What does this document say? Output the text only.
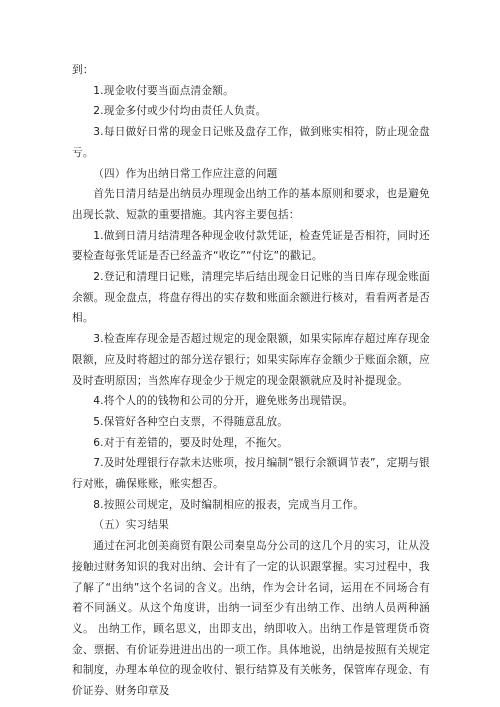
到：

1.现金收付要当面点清金额。

2.现金多付或少付均由责任人负责。

3.每日做好日常的现金日记账及盘存工作，做到账实相符，防止现金盘亏。

（四）作为出纳日常工作应注意的问题

首先日清月结是出纳员办理现金出纳工作的基本原则和要求，也是避免出现长款、短款的重要措施。其内容主要包括：

1.做到日清月结清理各种现金收付款凭证，检查凭证是否相符，同时还要检查每张凭证是否已经盖齐“收讫”“付讫”的戳记。

2.登记和清理日记账，清理完毕后结出现金日记账的当日库存现金账面余额。现金盘点，将盘存得出的实存数和账面余额进行核对，看看两者是否相。

3.检查库存现金是否超过规定的现金限额，如果实际库存超过库存现金限额，应及时将超过的部分送存银行；如果实际库存金额少于账面余额，应及时查明原因；当然库存现金少于规定的现金限额就应及时补提现金。

4.将个人的的钱物和公司的分开，避免账务出现错误。

5.保管好各种空白支票，不得随意乱放。

6.对于有差错的，要及时处理，不拖欠。

7.及时处理银行存款未达账项，按月编制“银行余额调节表”，定期与银行对账，确保账账，账实想否。

8.按照公司规定，及时编制相应的报表，完成当月工作。

（五）实习结果

通过在河北创美商贸有限公司秦皇岛分公司的这几个月的实习，让从没接触过财务知识的我对出纳、会计有了一定的认识跟掌握。实习过程中，我了解了“出纳”这个名词的含义。出纳，作为会计名词，运用在不同场合有着不同涵义。从这个角度讲，出纳一词至少有出纳工作、出纳人员两种涵义。 出纳工作，顾名思义，出即支出，纳即收入。出纳工作是管理货币资金、票据、有价证券进进出出的一项工作。具体地说，出纳是按照有关规定和制度，办理本单位的现金收付、银行结算及有关帐务，保管库存现金、有价证券、财务印章及
